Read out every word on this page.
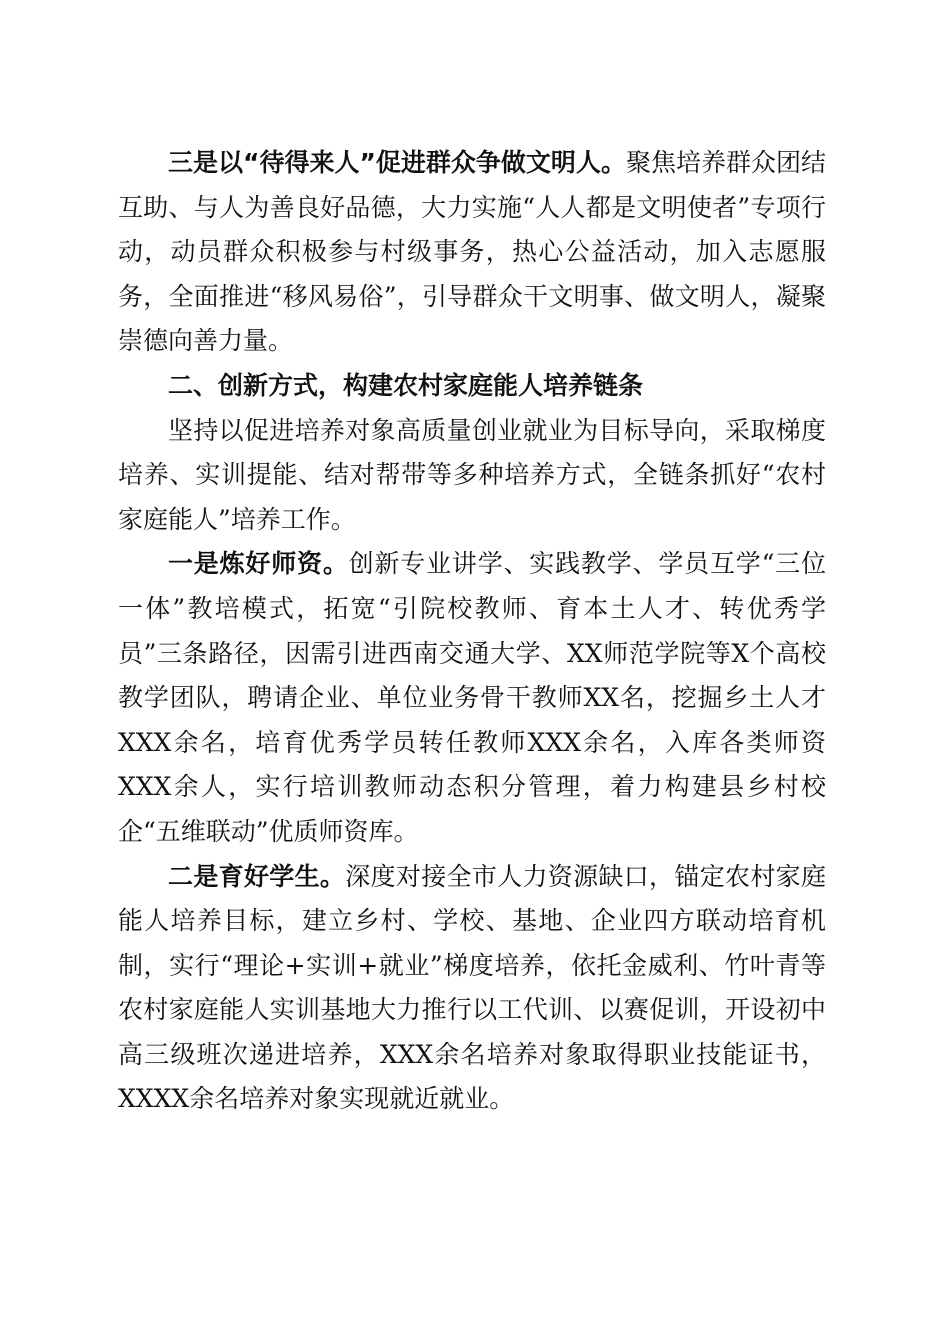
三是以“待得来人”促进群众争做文明人。聚焦培养群众团结互助、与人为善良好品德，大力实施“人人都是文明使者”专项行动，动员群众积极参与村级事务，热心公益活动，加入志愿服务，全面推进“移风易俗”，引导群众干文明事、做文明人，凝聚崇德向善力量。

二、创新方式，构建农村家庭能人培养链条

坚持以促进培养对象高质量创业就业为目标导向，采取梯度培养、实训提能、结对帮带等多种培养方式，全链条抓好“农村家庭能人”培养工作。

一是炼好师资。创新专业讲学、实践教学、学员互学“三位一体”教培模式，拓宽“引院校教师、育本土人才、转优秀学员”三条路径，因需引进西南交通大学、XX师范学院等X个高校教学团队，聘请企业、单位业务骨干教师XX名，挖掘乡土人才XXX余名，培育优秀学员转任教师XXX余名，入库各类师资XXX余人，实行培训教师动态积分管理，着力构建县乡村校企“五维联动”优质师资库。

二是育好学生。深度对接全市人力资源缺口，锚定农村家庭能人培养目标，建立乡村、学校、基地、企业四方联动培育机制，实行“理论+实训+就业”梯度培养，依托金威利、竹叶青等农村家庭能人实训基地大力推行以工代训、以赛促训，开设初中高三级班次递进培养，XXX余名培养对象取得职业技能证书，XXXX余名培养对象实现就近就业。
